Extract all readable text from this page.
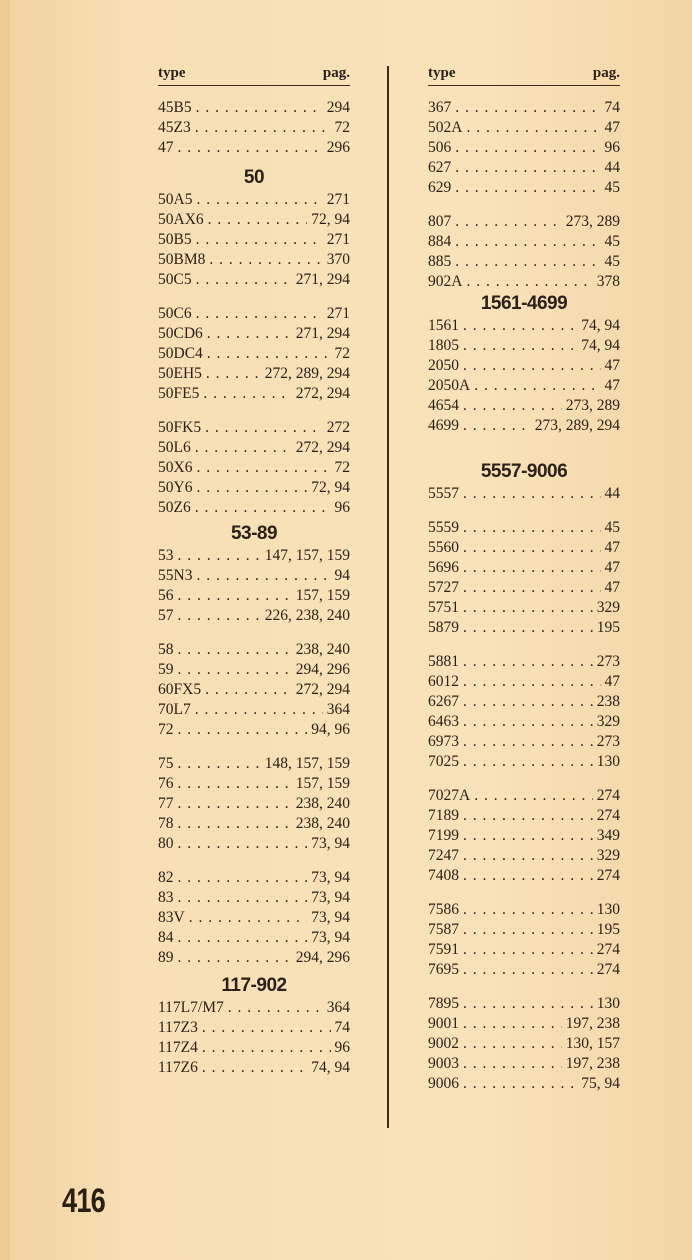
type	pag.
45B5 . . .	294
45Z3 . . .	72
47 . . .	296
50
50A5 . . .	271
50AX6 . . .	72, 94
50B5 . . .	271
50BM8 . . .	370
50C5 . . .	271, 294
50C6 . . .	271
50CD6 . . .	271, 294
50DC4 . . .	72
50EH5 . . .	272, 289, 294
50FE5 . . .	272, 294
50FK5 . . .	272
50L6 . . .	272, 294
50X6 . . .	72
50Y6 . . .	72, 94
50Z6 . . .	96
53-89
53 . . .	147, 157, 159
55N3 . . .	94
56 . . .	157, 159
57 . . .	226, 238, 240
58 . . .	238, 240
59 . . .	294, 296
60FX5 . . .	272, 294
70L7 . . .	364
72 . . .	94, 96
75 . . .	148, 157, 159
76 . . .	157, 159
77 . . .	238, 240
78 . . .	238, 240
80 . . .	73, 94
82 . . .	73, 94
83 . . .	73, 94
83V . . .	73, 94
84 . . .	73, 94
89 . . .	294, 296
117-902
117L7/M7 . . .	364
117Z3 . . .	74
117Z4 . . .	96
117Z6 . . .	74, 94
type	pag.
367 . . .	74
502A . . .	47
506 . . .	96
627 . . .	44
629 . . .	45
807 . . .	273, 289
884 . . .	45
885 . . .	45
902A . . .	378
1561-4699
1561 . . .	74, 94
1805 . . .	74, 94
2050 . . .	47
2050A . . .	47
4654 . . .	273, 289
4699 . . .	273, 289, 294
5557-9006
5557 . . .	44
5559 . . .	45
5560 . . .	47
5696 . . .	47
5727 . . .	47
5751 . . .	329
5879 . . .	195
5881 . . .	273
6012 . . .	47
6267 . . .	238
6463 . . .	329
6973 . . .	273
7025 . . .	130
7027A . . .	274
7189 . . .	274
7199 . . .	349
7247 . . .	329
7408 . . .	274
7586 . . .	130
7587 . . .	195
7591 . . .	274
7695 . . .	274
7895 . . .	130
9001 . . .	197, 238
9002 . . .	130, 157
9003 . . .	197, 238
9006 . . .	75, 94
416
